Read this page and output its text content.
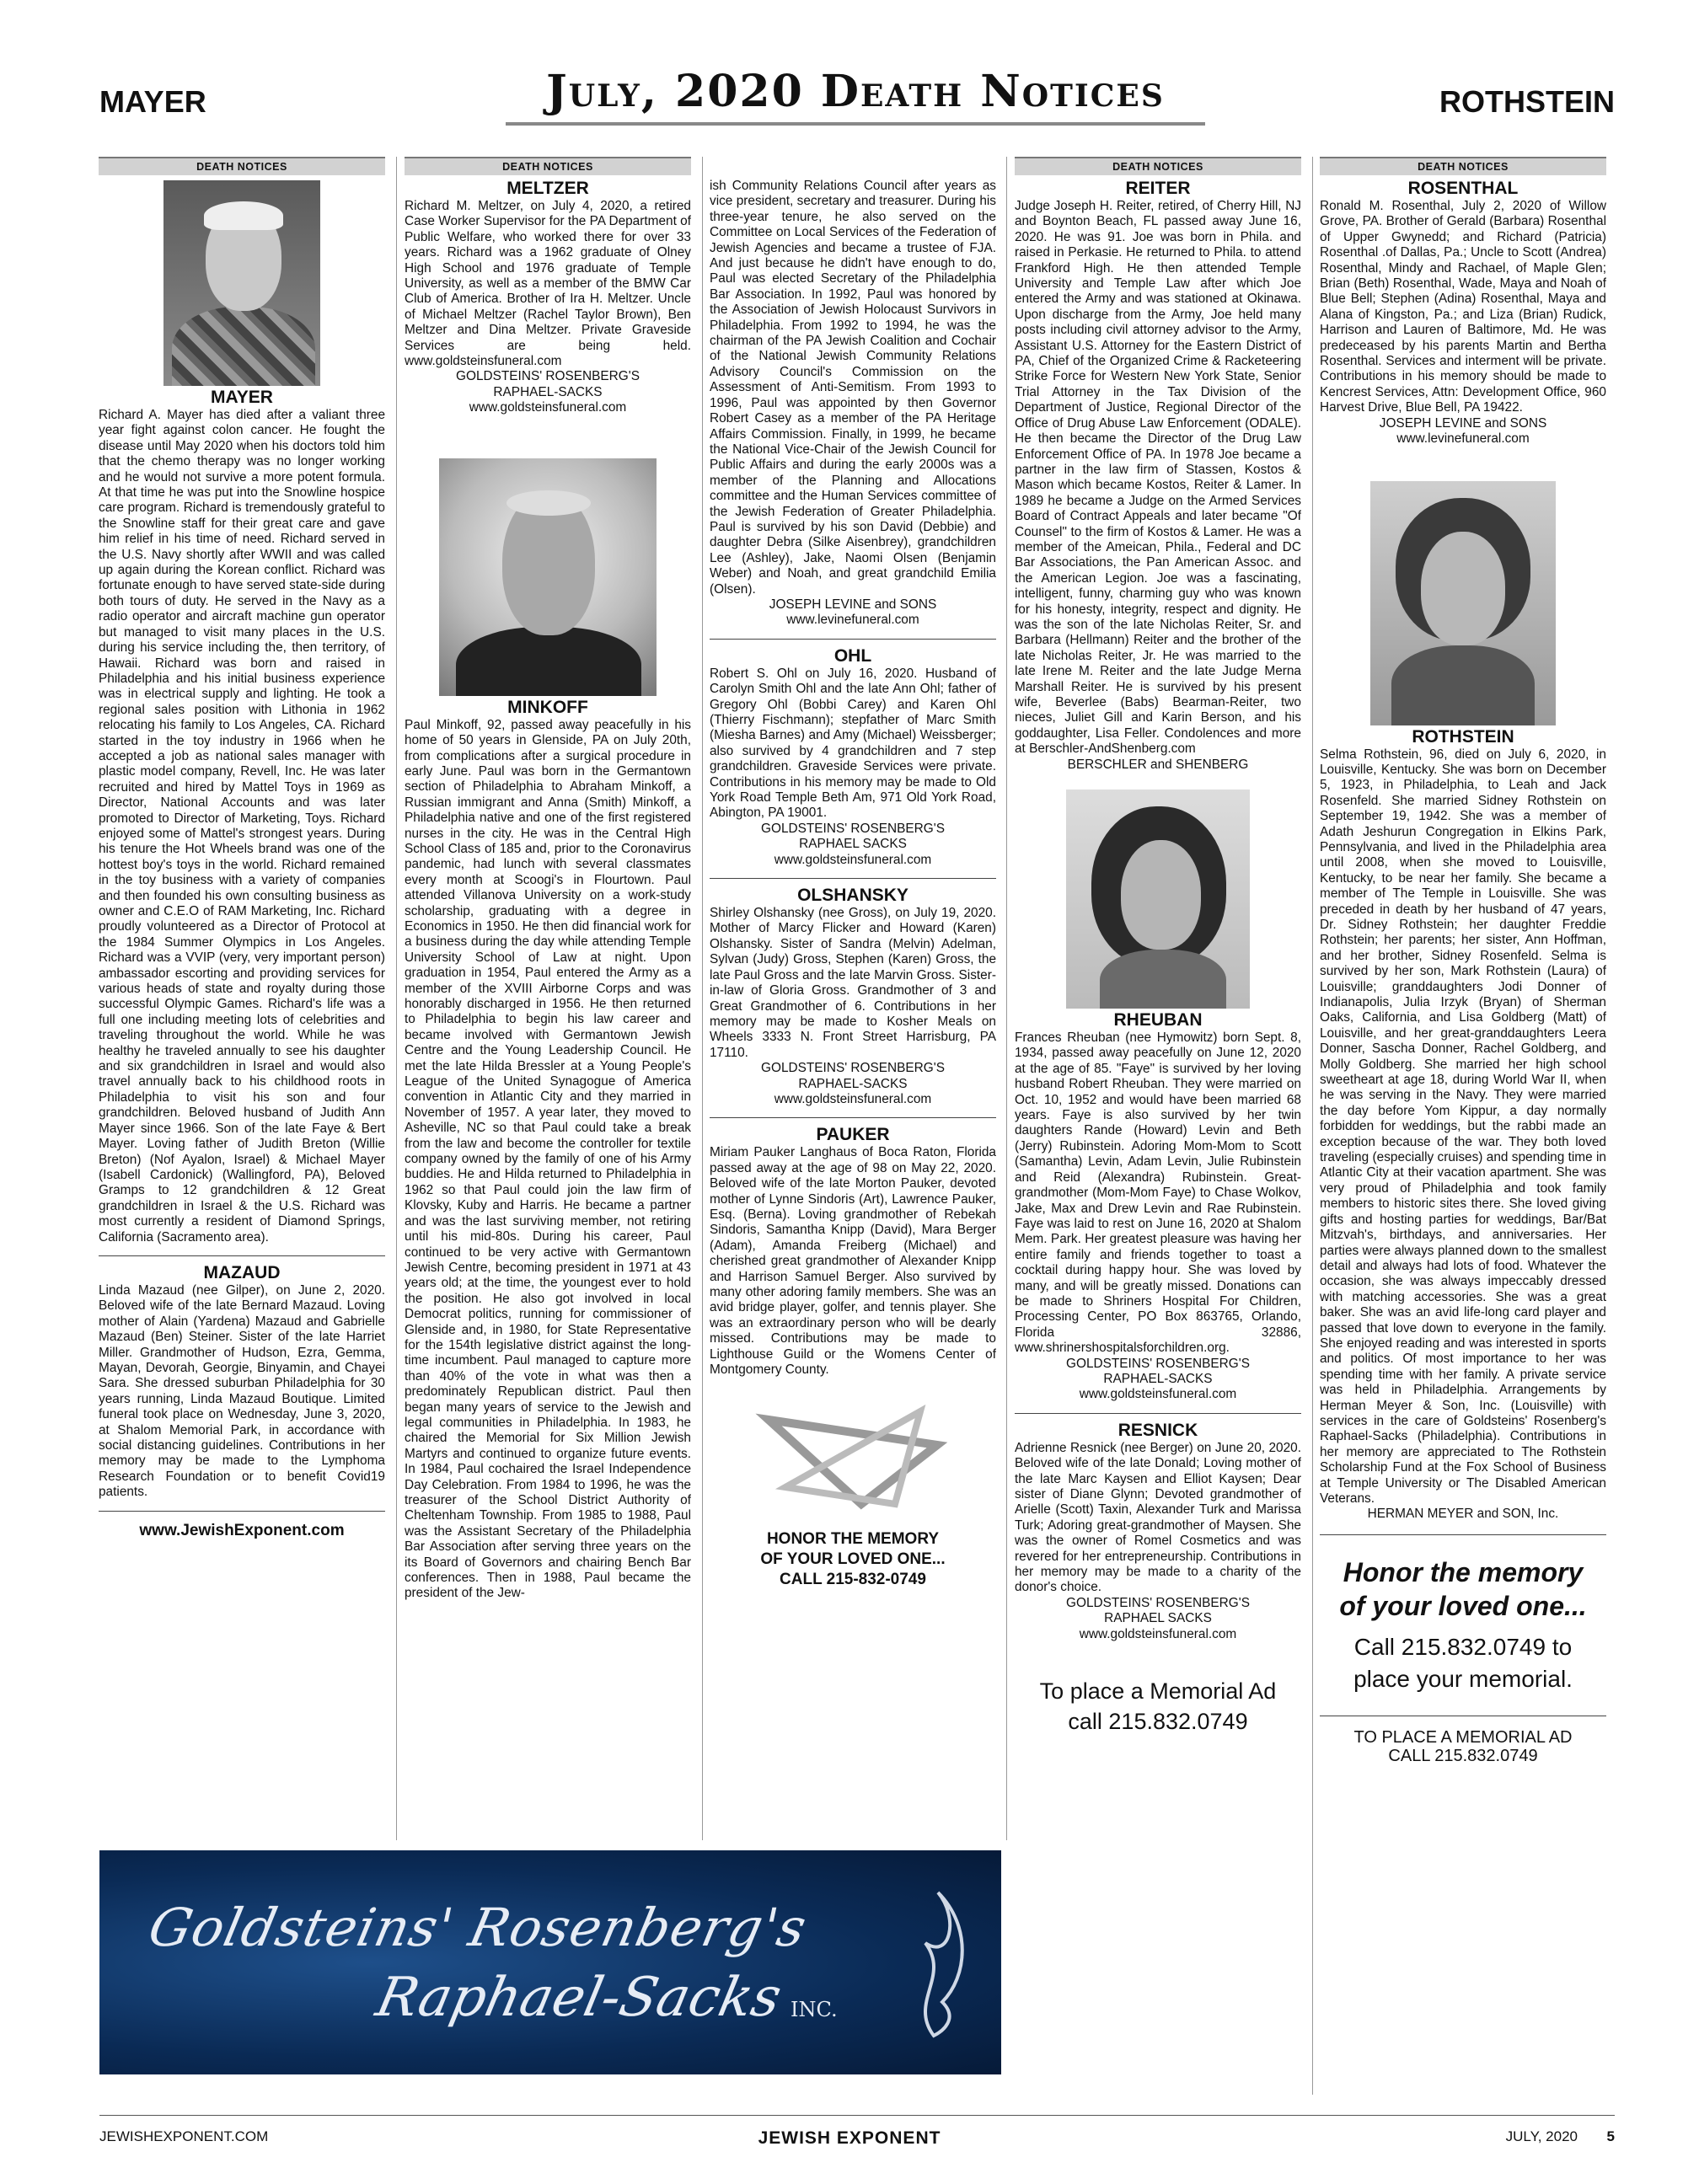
MAYER	July, 2020 Death Notices	ROTHSTEIN
DEATH NOTICES
MAYER

Richard A. Mayer has died after a valiant three year fight against colon cancer. He fought the disease until May 2020 when his doctors told him that the chemo therapy was no longer working and he would not survive a more potent formula. At that time he was put into the Snowline hospice care program. Richard is tremendously grateful to the Snowline staff for their great care and gave him relief in his time of need. Richard served in the U.S. Navy shortly after WWII and was called up again during the Korean conflict. Richard was fortunate enough to have served state-side during both tours of duty. He served in the Navy as a radio operator and aircraft machine gun operator but managed to visit many places in the U.S. during his service including the, then territory, of Hawaii. Richard was born and raised in Philadelphia and his initial business experience was in electrical supply and lighting. He took a regional sales position with Lithonia in 1962 relocating his family to Los Angeles, CA. Richard started in the toy industry in 1966 when he accepted a job as national sales manager with plastic model company, Revell, Inc. He was later recruited and hired by Mattel Toys in 1969 as Director, National Accounts and was later promoted to Director of Marketing, Toys. Richard enjoyed some of Mattel's strongest years. During his tenure the Hot Wheels brand was one of the hottest boy's toys in the world. Richard remained in the toy business with a variety of companies and then founded his own consulting business as owner and C.E.O of RAM Marketing, Inc. Richard proudly volunteered as a Director of Protocol at the 1984 Summer Olympics in Los Angeles. Richard was a VVIP (very, very important person) ambassador escorting and providing services for various heads of state and royalty during those successful Olympic Games. Richard's life was a full one including meeting lots of celebrities and traveling throughout the world. While he was healthy he traveled annually to see his daughter and six grandchildren in Israel and would also travel annually back to his childhood roots in Philadelphia to visit his son and four grandchildren. Beloved husband of Judith Ann Mayer since 1966. Son of the late Faye & Bert Mayer. Loving father of Judith Breton (Willie Breton) (Nof Ayalon, Israel) & Michael Mayer (Isabell Cardonick) (Wallingford, PA), Beloved Gramps to 12 grandchildren & 12 Great grandchildren in Israel & the U.S. Richard was most currently a resident of Diamond Springs, California (Sacramento area).

MAZAUD

Linda Mazaud (nee Gilper), on June 2, 2020. Beloved wife of the late Bernard Mazaud. Loving mother of Alain (Yardena) Mazaud and Gabrielle Mazaud (Ben) Steiner. Sister of the late Harriet Miller. Grandmother of Hudson, Ezra, Gemma, Mayan, Devorah, Georgie, Binyamin, and Chayei Sara. She dressed suburban Philadelphia for 30 years running, Linda Mazaud Boutique. Limited funeral took place on Wednesday, June 3, 2020, at Shalom Memorial Park, in accordance with social distancing guidelines. Contributions in her memory may be made to the Lymphoma Research Foundation or to benefit Covid19 patients.

www.JewishExponent.com
DEATH NOTICES
MELTZER

Richard M. Meltzer, on July 4, 2020, a retired Case Worker Supervisor for the PA Department of Public Welfare, who worked there for over 33 years. Richard was a 1962 graduate of Olney High School and 1976 graduate of Temple University, as well as a member of the BMW Car Club of America. Brother of Ira H. Meltzer. Uncle of Michael Meltzer (Rachel Taylor Brown), Ben Meltzer and Dina Meltzer. Private Graveside Services are being held. www.goldsteinsfuneral.com

GOLDSTEINS' ROSENBERG'S
RAPHAEL-SACKS
www.goldsteinsfuneral.com
MINKOFF

Paul Minkoff, 92, passed away peacefully in his home of 50 years in Glenside, PA on July 20th, from complications after a surgical procedure in early June. Paul was born in the Germantown section of Philadelphia to Abraham Minkoff, a Russian immigrant and Anna (Smith) Minkoff, a Philadelphia native and one of the first registered nurses in the city. He was in the Central High School Class of 185 and, prior to the Coronavirus pandemic, had lunch with several classmates every month at Scoogi's in Flourtown. Paul attended Villanova University on a work-study scholarship, graduating with a degree in Economics in 1950. He then did financial work for a business during the day while attending Temple University School of Law at night. Upon graduation in 1954, Paul entered the Army as a member of the XVIII Airborne Corps and was honorably discharged in 1956. He then returned to Philadelphia to begin his law career and became involved with Germantown Jewish Centre and the Young Leadership Council. He met the late Hilda Bressler at a Young People's League of the United Synagogue of America convention in Atlantic City and they married in November of 1957. A year later, they moved to Asheville, NC so that Paul could take a break from the law and become the controller for textile company owned by the family of one of his Army buddies. He and Hilda returned to Philadelphia in 1962 so that Paul could join the law firm of Klovsky, Kuby and Harris. He became a partner and was the last surviving member, not retiring until his mid-80s. During his career, Paul continued to be very active with Germantown Jewish Centre, becoming president in 1971 at 43 years old; at the time, the youngest ever to hold the position. He also got involved in local Democrat politics, running for commissioner of Glenside and, in 1980, for State Representative for the 154th legislative district against the long-time incumbent. Paul managed to capture more than 40% of the vote in what was then a predominately Republican district. Paul then began many years of service to the Jewish and legal communities in Philadelphia. In 1983, he chaired the Memorial for Six Million Jewish Martyrs and continued to organize future events. In 1984, Paul cochaired the Israel Independence Day Celebration. From 1984 to 1996, he was the treasurer of the School District Authority of Cheltenham Township. From 1985 to 1988, Paul was the Assistant Secretary of the Philadelphia Bar Association after serving three years on the its Board of Governors and chairing Bench Bar conferences. Then in 1988, Paul became the president of the Jew-

ish Community Relations Council after years as vice president, secretary and treasurer. During his three-year tenure, he also served on the Committee on Local Services of the Federation of Jewish Agencies and became a trustee of FJA. And just because he didn't have enough to do, Paul was elected Secretary of the Philadelphia Bar Association. In 1992, Paul was honored by the Association of Jewish Holocaust Survivors in Philadelphia. From 1992 to 1994, he was the chairman of the PA Jewish Coalition and Cochair of the National Jewish Community Relations Advisory Council's Commission on the Assessment of Anti-Semitism. From 1993 to 1996, Paul was appointed by then Governor Robert Casey as a member of the PA Heritage Affairs Commission. Finally, in 1999, he became the National Vice-Chair of the Jewish Council for Public Affairs and during the early 2000s was a member of the Planning and Allocations committee and the Human Services committee of the Jewish Federation of Greater Philadelphia. Paul is survived by his son David (Debbie) and daughter Debra (Silke Aisenbrey), grandchildren Lee (Ashley), Jake, Naomi Olsen (Benjamin Weber) and Noah, and great grandchild Emilia (Olsen).

JOSEPH LEVINE and SONS
www.levinefuneral.com
OHL

Robert S. Ohl on July 16, 2020. Husband of Carolyn Smith Ohl and the late Ann Ohl; father of Gregory Ohl (Bobbi Carey) and Karen Ohl (Thierry Fischmann); stepfather of Marc Smith (Miesha Barnes) and Amy (Michael) Weissberger; also survived by 4 grandchildren and 7 step grandchildren. Graveside Services were private. Contributions in his memory may be made to Old York Road Temple Beth Am, 971 Old York Road, Abington, PA 19001.

GOLDSTEINS' ROSENBERG'S
RAPHAEL SACKS
www.goldsteinsfuneral.com
OLSHANSKY

Shirley Olshansky (nee Gross), on July 19, 2020. Mother of Marcy Flicker and Howard (Karen) Olshansky. Sister of Sandra (Melvin) Adelman, Sylvan (Judy) Gross, Stephen (Karen) Gross, the late Paul Gross and the late Marvin Gross. Sister-in-law of Gloria Gross. Grandmother of 3 and Great Grandmother of 6. Contributions in her memory may be made to Kosher Meals on Wheels 3333 N. Front Street Harrisburg, PA 17110.

GOLDSTEINS' ROSENBERG'S
RAPHAEL-SACKS
www.goldsteinsfuneral.com
PAUKER

Miriam Pauker Langhaus of Boca Raton, Florida passed away at the age of 98 on May 22, 2020. Beloved wife of the late Morton Pauker, devoted mother of Lynne Sindoris (Art), Lawrence Pauker, Esq. (Berna). Loving grandmother of Rebekah Sindoris, Samantha Knipp (David), Mara Berger (Adam), Amanda Freiberg (Michael) and cherished great grandmother of Alexander Knipp and Harrison Samuel Berger. Also survived by many other adoring family members. She was an avid bridge player, golfer, and tennis player. She was an extraordinary person who will be dearly missed. Contributions may be made to Lighthouse Guild or the Womens Center of Montgomery County.

HONOR THE MEMORY
OF YOUR LOVED ONE...
CALL 215-832-0749
DEATH NOTICES
REITER

Judge Joseph H. Reiter, retired, of Cherry Hill, NJ and Boynton Beach, FL passed away June 16, 2020. He was 91. Joe was born in Phila. and raised in Perkasie. He returned to Phila. to attend Frankford High. He then attended Temple University and Temple Law after which Joe entered the Army and was stationed at Okinawa. Upon discharge from the Army, Joe held many posts including civil attorney advisor to the Army, Assistant U.S. Attorney for the Eastern District of PA, Chief of the Organized Crime & Racketeering Strike Force for Western New York State, Senior Trial Attorney in the Tax Division of the Department of Justice, Regional Director of the Office of Drug Abuse Law Enforcement (ODALE). He then became the Director of the Drug Law Enforcement Office of PA. In 1978 Joe became a partner in the law firm of Stassen, Kostos & Mason which became Kostos, Reiter & Lamer. In 1989 he became a Judge on the Armed Services Board of Contract Appeals and later became "Of Counsel" to the firm of Kostos & Lamer. He was a member of the Ameican, Phila., Federal and DC Bar Associations, the Pan American Assoc. and the American Legion. Joe was a fascinating, intelligent, funny, charming guy who was known for his honesty, integrity, respect and dignity. He was the son of the late Nicholas Reiter, Sr. and Barbara (Hellmann) Reiter and the brother of the late Nicholas Reiter, Jr. He was married to the late Irene M. Reiter and the late Judge Merna Marshall Reiter. He is survived by his present wife, Beverlee (Babs) Bearman-Reiter, two nieces, Juliet Gill and Karin Berson, and his goddaughter, Lisa Feller. Condolences and more at Berschler-AndShenberg.com

BERSCHLER and SHENBERG
RHEUBAN

Frances Rheuban (nee Hymowitz) born Sept. 8, 1934, passed away peacefully on June 12, 2020 at the age of 85. "Faye" is survived by her loving husband Robert Rheuban. They were married on Oct. 10, 1952 and would have been married 68 years. Faye is also survived by her twin daughters Rande (Howard) Levin and Beth (Jerry) Rubinstein. Adoring Mom-Mom to Scott (Samantha) Levin, Adam Levin, Julie Rubinstein and Reid (Alexandra) Rubinstein. Great-grandmother (Mom-Mom Faye) to Chase Wolkov, Jake, Max and Drew Levin and Rae Rubinstein. Faye was laid to rest on June 16, 2020 at Shalom Mem. Park. Her greatest pleasure was having her entire family and friends together to toast a cocktail during happy hour. She was loved by many, and will be greatly missed. Donations can be made to Shriners Hospital For Children, Processing Center, PO Box 863765, Orlando, Florida 32886, www.shrinershospitalsforchildren.org.

GOLDSTEINS' ROSENBERG'S
RAPHAEL-SACKS
www.goldsteinsfuneral.com
RESNICK

Adrienne Resnick (nee Berger) on June 20, 2020. Beloved wife of the late Donald; Loving mother of the late Marc Kaysen and Elliot Kaysen; Dear sister of Diane Glynn; Devoted grandmother of Arielle (Scott) Taxin, Alexander Turk and Marissa Turk; Adoring great-grandmother of Maysen. She was the owner of Romel Cosmetics and was revered for her entrepreneurship. Contributions in her memory may be made to a charity of the donor's choice.

GOLDSTEINS' ROSENBERG'S
RAPHAEL SACKS
www.goldsteinsfuneral.com
To place a Memorial Ad
call 215.832.0749
DEATH NOTICES
ROSENTHAL

Ronald M. Rosenthal, July 2, 2020 of Willow Grove, PA. Brother of Gerald (Barbara) Rosenthal of Upper Gwynedd; and Richard (Patricia) Rosenthal .of Dallas, Pa.; Uncle to Scott (Andrea) Rosenthal, Mindy and Rachael, of Maple Glen; Brian (Beth) Rosenthal, Wade, Maya and Noah of Blue Bell; Stephen (Adina) Rosenthal, Maya and Alana of Kingston, Pa.; and Liza (Brian) Rudick, Harrison and Lauren of Baltimore, Md. He was predeceased by his parents Martin and Bertha Rosenthal. Services and interment will be private. Contributions in his memory should be made to Kencrest Services, Attn: Development Office, 960 Harvest Drive, Blue Bell, PA 19422.

JOSEPH LEVINE and SONS
www.levinefuneral.com
ROTHSTEIN

Selma Rothstein, 96, died on July 6, 2020, in Louisville, Kentucky. She was born on December 5, 1923, in Philadelphia, to Leah and Jack Rosenfeld. She married Sidney Rothstein on September 19, 1942. She was a member of Adath Jeshurun Congregation in Elkins Park, Pennsylvania, and lived in the Philadelphia area until 2008, when she moved to Louisville, Kentucky, to be near her family. She became a member of The Temple in Louisville. She was preceded in death by her husband of 47 years, Dr. Sidney Rothstein; her daughter Freddie Rothstein; her parents; her sister, Ann Hoffman, and her brother, Sidney Rosenfeld. Selma is survived by her son, Mark Rothstein (Laura) of Louisville; granddaughters Jodi Donner of Indianapolis, Julia Irzyk (Bryan) of Sherman Oaks, California, and Lisa Goldberg (Matt) of Louisville, and her great-granddaughters Leera Donner, Sascha Donner, Rachel Goldberg, and Molly Goldberg. She married her high school sweetheart at age 18, during World War II, when he was serving in the Navy. They were married the day before Yom Kippur, a day normally forbidden for weddings, but the rabbi made an exception because of the war. They both loved traveling (especially cruises) and spending time in Atlantic City at their vacation apartment. She was very proud of Philadelphia and took family members to historic sites there. She loved giving gifts and hosting parties for weddings, Bar/Bat Mitzvah's, birthdays, and anniversaries. Her parties were always planned down to the smallest detail and always had lots of food. Whatever the occasion, she was always impeccably dressed with matching accessories. She was a great baker. She was an avid life-long card player and passed that love down to everyone in the family. She enjoyed reading and was interested in sports and politics. Of most importance to her was spending time with her family. A private service was held in Philadelphia. Arrangements by Herman Meyer & Son, Inc. (Louisville) with services in the care of Goldsteins' Rosenberg's Raphael-Sacks (Philadelphia). Contributions in her memory are appreciated to The Rothstein Scholarship Fund at the Fox School of Business at Temple University or The Disabled American Veterans.

HERMAN MEYER and SON, Inc.
Honor the memory
of your loved one...
Call 215.832.0749 to
place your memorial.
TO PLACE A MEMORIAL AD
CALL 215.832.0749
Goldsteins' Rosenberg's
Raphael-Sacks INC.
JEWISHEXPONENT.COM	JEWISH EXPONENT	JULY, 2020 5
